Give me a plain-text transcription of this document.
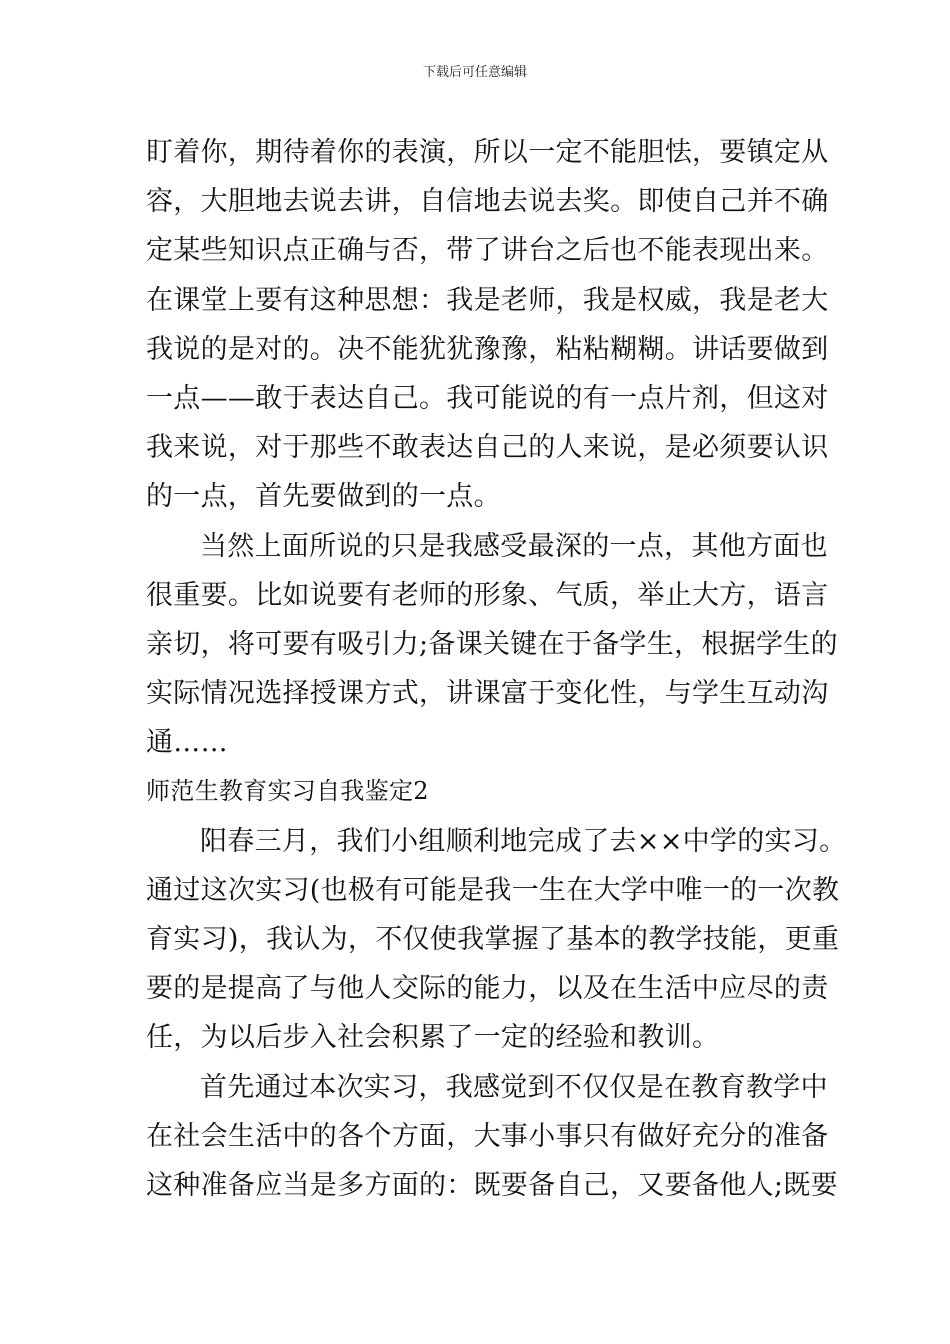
下载后可任意编辑
盯着你，期待着你的表演，所以一定不能胆怯，要镇定从
容，大胆地去说去讲，自信地去说去奖。即使自己并不确
定某些知识点正确与否，带了讲台之后也不能表现出来。
在课堂上要有这种思想：我是老师，我是权威，我是老大
我说的是对的。决不能犹犹豫豫，粘粘糊糊。讲话要做到
一点——敢于表达自己。我可能说的有一点片剂，但这对
我来说，对于那些不敢表达自己的人来说，是必须要认识
的一点，首先要做到的一点。
当然上面所说的只是我感受最深的一点，其他方面也
很重要。比如说要有老师的形象、气质，举止大方，语言
亲切，将可要有吸引力;备课关键在于备学生，根据学生的
实际情况选择授课方式，讲课富于变化性，与学生互动沟
通……
师范生教育实习自我鉴定2
阳春三月，我们小组顺利地完成了去××中学的实习。
通过这次实习(也极有可能是我一生在大学中唯一的一次教
育实习)，我认为，不仅使我掌握了基本的教学技能，更重
要的是提高了与他人交际的能力，以及在生活中应尽的责
任，为以后步入社会积累了一定的经验和教训。
首先通过本次实习，我感觉到不仅仅是在教育教学中
在社会生活中的各个方面，大事小事只有做好充分的准备
这种准备应当是多方面的：既要备自己，又要备他人;既要
